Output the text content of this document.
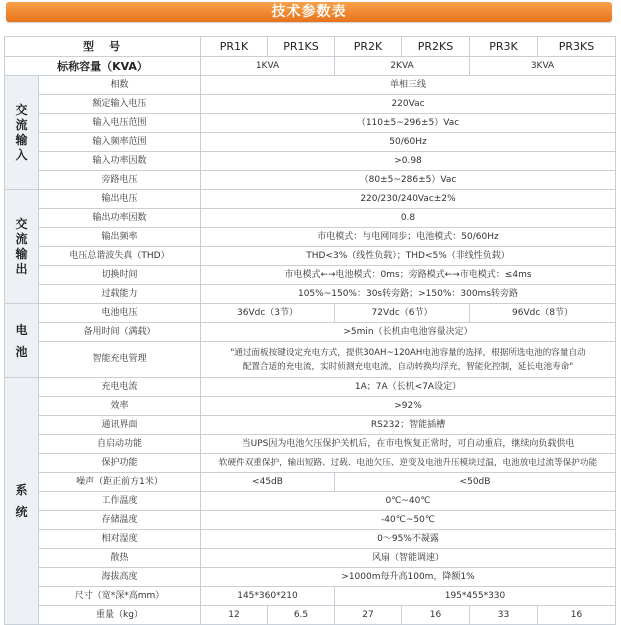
技术参数表
型　号		PR1K	PR1KS	PR2K	PR2KS	PR3K	PR3KS
标称容量（KVA）		1KVA		2KVA		3KVA	
交
流
输
入	相数	单相三线					
	额定输入电压	220Vac					
	输入电压范围	（110±5~296±5）Vac					
	输入频率范围	50/60Hz					
	输入功率因数	>0.98					
	旁路电压	（80±5~286±5）Vac					
交
流
输
出	输出电压	220/230/240Vac±2%					
	输出功率因数	0.8					
	输出频率	市电模式：与电网同步；电池模式：50/60Hz					
	电压总谐波失真（THD）	THD<3%（线性负载）；THD<5%（非线性负载）					
	切换时间	市电模式←→电池模式：0ms；旁路模式←→市电模式：≤4ms					
	过载能力	105%~150%：30s转旁路；>150%：300ms转旁路					
电
池	电池电压	36Vdc（3节）		72Vdc（6节）		96Vdc（8节）	
	备用时间（满载）	>5min（长机由电池容量决定）					
	智能充电管理	"通过面板按键设定充电方式，提供30AH~120AH电池容量的选择，根据所选电池的容量自动
配置合适的充电流，实时侦测充电电流，自动转换均浮充，智能化控制，延长电池寿命"					

系
统	充电电流	1A；7A（长机<7A设定）					
	效率	>92%					
	通讯界面	RS232；智能插槽					
	自启动功能	当UPS因为电池欠压保护关机后，在市电恢复正常时，可自动重启，继续向负载供电					
	保护功能	软硬件双重保护，输出短路、过载、电池欠压、逆变及电池升压模块过温，电池放电过流等保护功能					
	噪声（距正前方1米）	<45dB		<50dB			
	工作温度	0℃~40℃					
	存储温度	-40℃~50℃					
	相对湿度	0～95%不凝露					
	散热	风扇（智能调速）					
	海拔高度	>1000m每升高100m，降额1%					
	尺寸（宽*深*高mm）	145*360*210		195*455*330			
	重量（kg）	12	6.5	27	16	33	16
